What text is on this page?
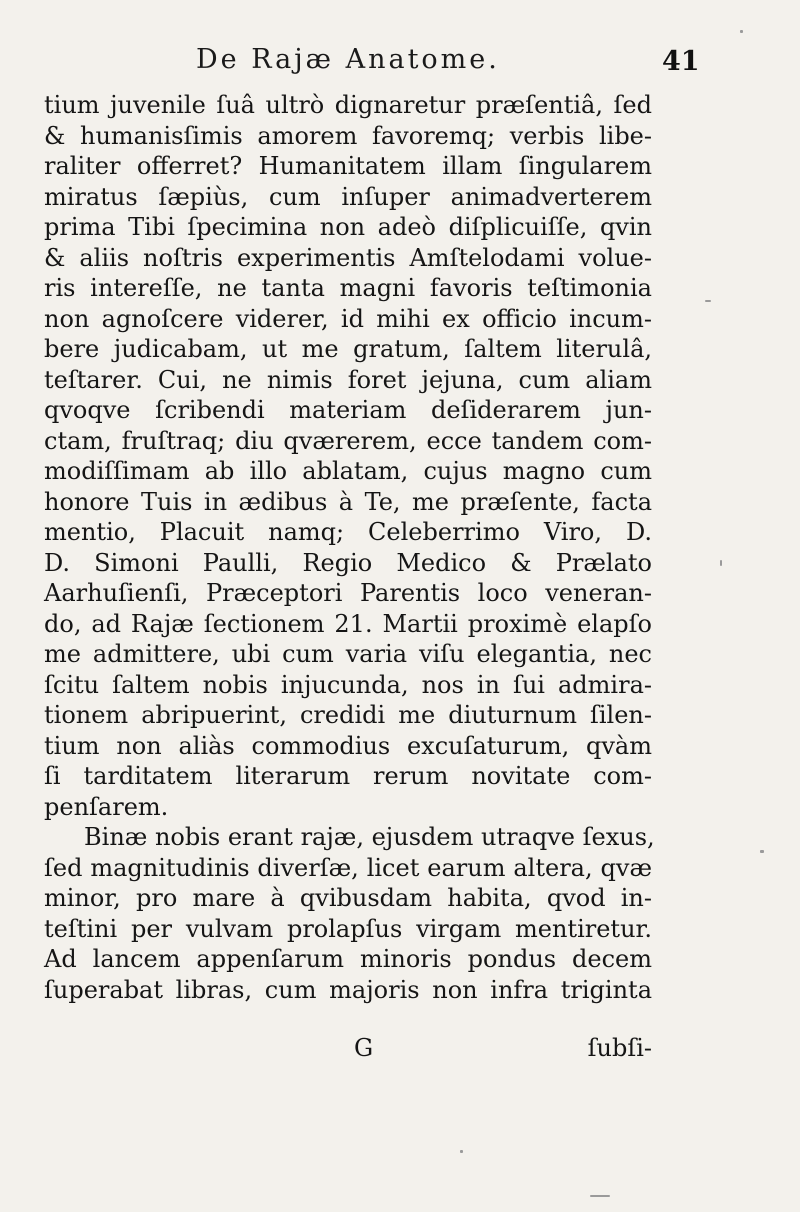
De Rajæ Anatome.	41
tium juvenile ſuâ ultrò dignaretur præſentiâ, ſed
& humanisſimis amorem favoremq; verbis libe-
raliter offerret? Humanitatem illam ſingularem
miratus ſæpiùs, cum inſuper animadverterem
prima Tibi ſpecimina non adeò diſplicuiſſe, qvin
& aliis noſtris experimentis Amſtelodami volue-
ris intereſſe, ne tanta magni favoris teſtimonia
non agnoſcere viderer, id mihi ex officio incum-
bere judicabam, ut me gratum, ſaltem literulâ,
teſtarer. Cui, ne nimis foret jejuna, cum aliam
qvoqve ſcribendi materiam deſiderarem jun-
ctam, fruſtraq; diu qværerem, ecce tandem com-
modiſſimam ab illo ablatam, cujus magno cum
honore Tuis in ædibus à Te, me præſente, facta
mentio, Placuit namq; Celeberrimo Viro, D.
D. Simoni Paulli, Regio Medico & Prælato
Aarhuſienſi, Præceptori Parentis loco veneran-
do, ad Rajæ ſectionem 21. Martii proximè elapſo
me admittere, ubi cum varia viſu elegantia, nec
ſcitu ſaltem nobis injucunda, nos in ſui admira-
tionem abripuerint, credidi me diuturnum ſilen-
tium non aliàs commodius excuſaturum, qvàm
ſi tarditatem literarum rerum novitate com-
penſarem.
Binæ nobis erant rajæ, ejusdem utraqve ſexus,
ſed magnitudinis diverſæ, licet earum altera, qvæ
minor, pro mare à qvibusdam habita, qvod in-
teſtini per vulvam prolapſus virgam mentiretur.
Ad lancem appenſarum minoris pondus decem
ſuperabat libras, cum majoris non infra triginta
G	ſubſi-
